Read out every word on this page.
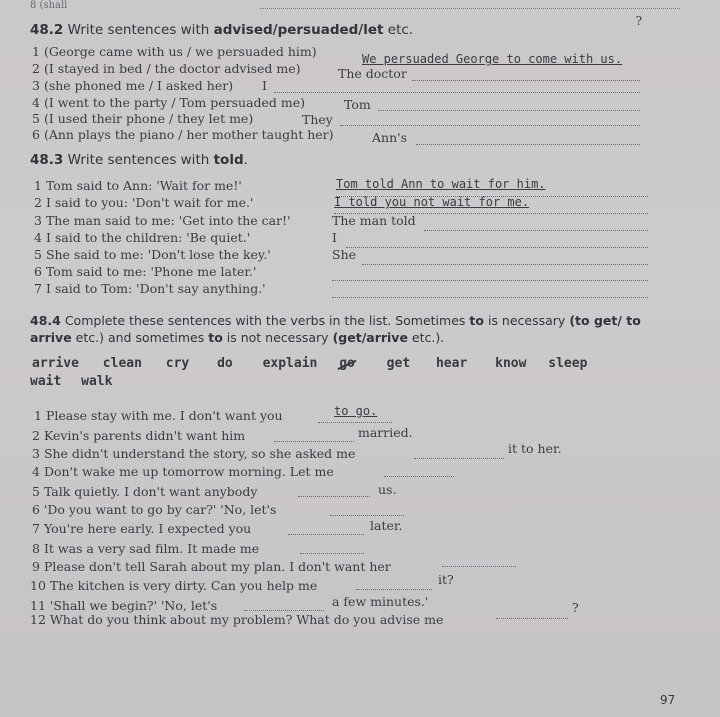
8 (shall
?
48.2 Write sentences with advised/persuaded/let etc.
1 (George came with us / we persuaded him)	We persuaded George to come with us.
2 (I stayed in bed / the doctor advised me)	The doctor
3 (she phoned me / I asked her) I
4 (I went to the party / Tom persuaded me)	Tom
5 (I used their phone / they let me)	They
6 (Ann plays the piano / her mother taught her)	Ann's
48.3 Write sentences with told.
1 Tom said to Ann: 'Wait for me!'	Tom told Ann to wait for him.
2 I said to you: 'Don't wait for me.'	I told you not wait for me.
3 The man said to me: 'Get into the car!'	The man told
4 I said to the children: 'Be quiet.'	I
5 She said to me: 'Don't lose the key.'	She
6 Tom said to me: 'Phone me later.'
7 I said to Tom: 'Don't say anything.'
48.4 Complete these sentences with the verbs in the list. Sometimes to is necessary (to get/ to arrive etc.) and sometimes to is not necessary (get/arrive etc.).
arrive clean cry do explain go get hear know sleep
wait walk
1 Please stay with me. I don't want you	to go.
2 Kevin's parents didn't want him	married.
3 She didn't understand the story, so she asked me	it to her.
4 Don't wake me up tomorrow morning. Let me
5 Talk quietly. I don't want anybody	us.
6 'Do you want to go by car?' 'No, let's
7 You're here early. I expected you	later.
8 It was a very sad film. It made me
9 Please don't tell Sarah about my plan. I don't want her
10 The kitchen is very dirty. Can you help me	it?
11 'Shall we begin?' 'No, let's	a few minutes.'
12 What do you think about my problem? What do you advise me
?
97
